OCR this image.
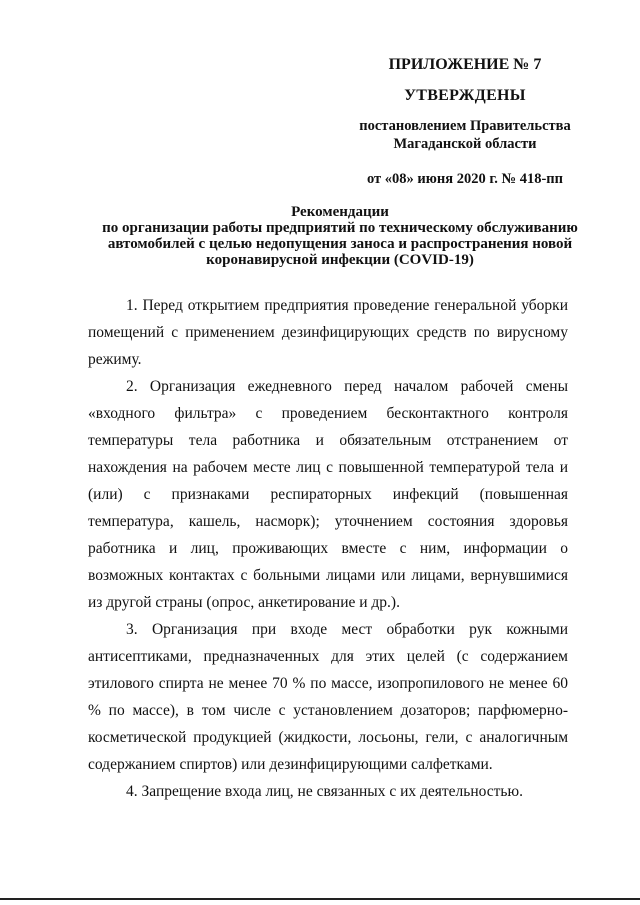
ПРИЛОЖЕНИЕ № 7
УТВЕРЖДЕНЫ
постановлением Правительства
Магаданской области
от «08» июня 2020 г. № 418-пп
Рекомендации
по организации работы предприятий по техническому обслуживанию
автомобилей с целью недопущения заноса и распространения новой
коронавирусной инфекции (COVID-19)

1. Перед открытием предприятия проведение генеральной уборки помещений с применением дезинфицирующих средств по вирусному режиму.

2. Организация ежедневного перед началом рабочей смены «входного фильтра» с проведением бесконтактного контроля температуры тела работника и обязательным отстранением от нахождения на рабочем месте лиц с повышенной температурой тела и (или) с признаками респираторных инфекций (повышенная температура, кашель, насморк); уточнением состояния здоровья работника и лиц, проживающих вместе с ним, информации о возможных контактах с больными лицами или лицами, вернувшимися из другой страны (опрос, анкетирование и др.).

3. Организация при входе мест обработки рук кожными антисептиками, предназначенных для этих целей (с содержанием этилового спирта не менее 70 % по массе, изопропилового не менее 60 % по массе), в том числе с установлением дозаторов; парфюмерно-косметической продукцией (жидкости, лосьоны, гели, с аналогичным содержанием спиртов) или дезинфицирующими салфетками.

4. Запрещение входа лиц, не связанных с их деятельностью.
